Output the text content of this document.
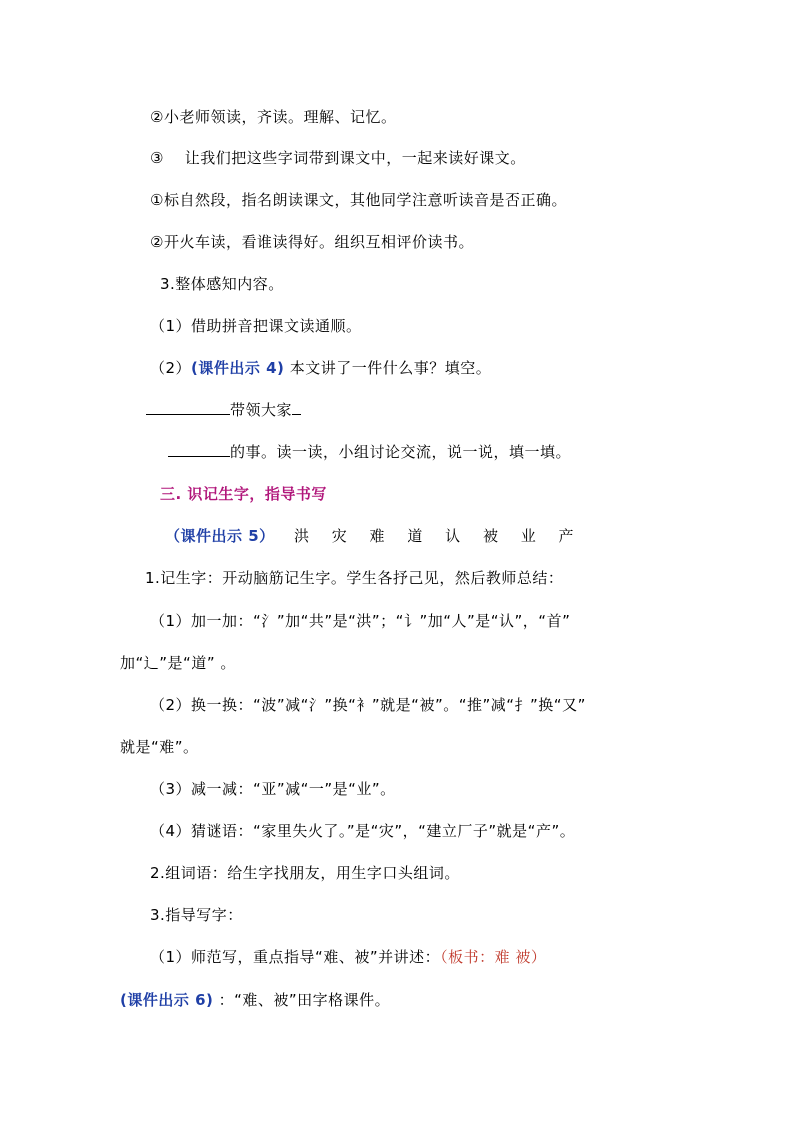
②小老师领读，齐读。理解、记忆。
③　 让我们把这些字词带到课文中，一起来读好课文。
①标自然段，指名朗读课文，其他同学注意听读音是否正确。
②开火车读，看谁读得好。组织互相评价读书。
3.整体感知内容。
（1）借助拼音把课文读通顺。
（2）(课件出示 4) 本文讲了一件什么事？填空。
带领大家
的事。读一读，小组讨论交流，说一说，填一填。
三. 识记生字，指导书写
（课件出示 5） 洪 灾 难 道 认 被 业 产
1.记生字：开动脑筋记生字。学生各抒己见，然后教师总结：
（1）加一加：“氵”加“共”是“洪”；“讠”加“人”是“认”，“首”
加“辶”是“道” 。
（2）换一换：“波”减“氵”换“衤”就是“被”。“推”减“扌”换“又”
就是“难”。
（3）减一减：“亚”减“一”是“业”。
（4）猜谜语：“家里失火了。”是“灾”，“建立厂子”就是“产”。
2.组词语：给生字找朋友，用生字口头组词。
3.指导写字：
（1）师范写，重点指导“难、被”并讲述：（板书：难 被）
(课件出示 6) ：“难、被”田字格课件。
